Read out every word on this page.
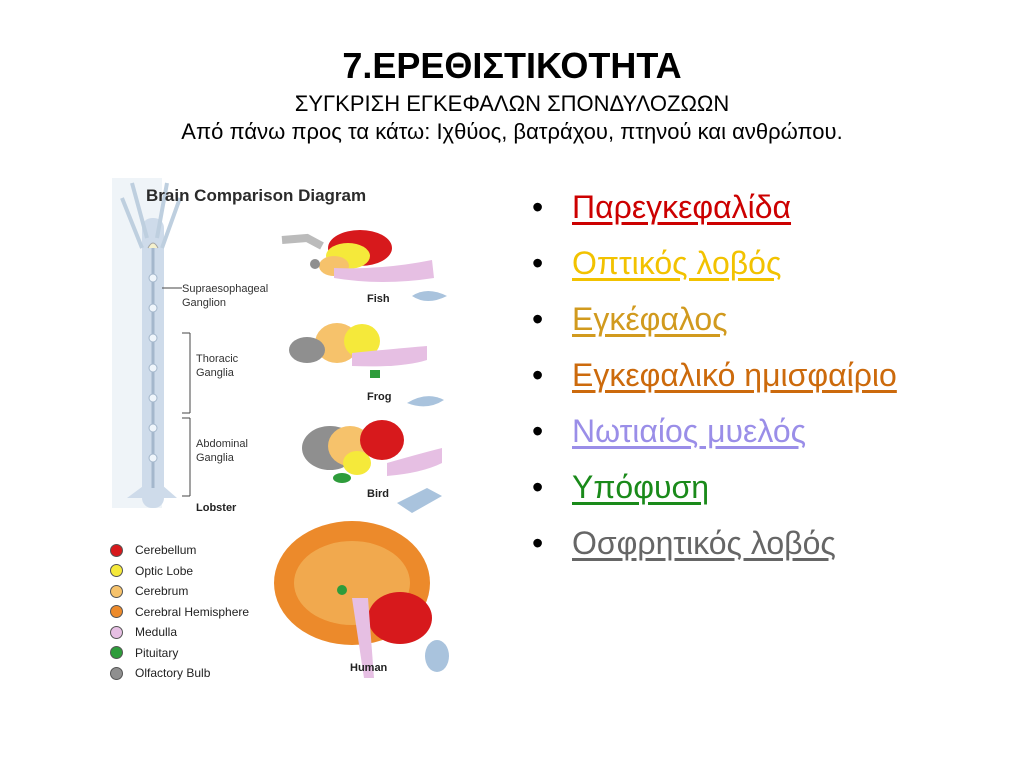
7.ΕΡΕΘΙΣΤΙΚΟΤΗΤΑ
ΣΥΓΚΡΙΣΗ ΕΓΚΕΦΑΛΩΝ ΣΠΟΝΔΥΛΟΖΩΩΝ
Από πάνω προς τα κάτω: Ιχθύος, βατράχου, πτηνού και ανθρώπου.
Brain Comparison Diagram
Supraesophageal
Ganglion
Thoracic
Ganglia
Abdominal
Ganglia
Lobster
Fish
Frog
Bird
Human
Cerebellum
Optic Lobe
Cerebrum
Cerebral Hemisphere
Medulla
Pituitary
Olfactory Bulb
• Παρεγκεφαλίδα
• Οπτικός λοβός
• Εγκέφαλος
• Εγκεφαλικό ημισφαίριο
• Νωτιαίος μυελός
• Υπόφυση
• Οσφρητικός λοβός
